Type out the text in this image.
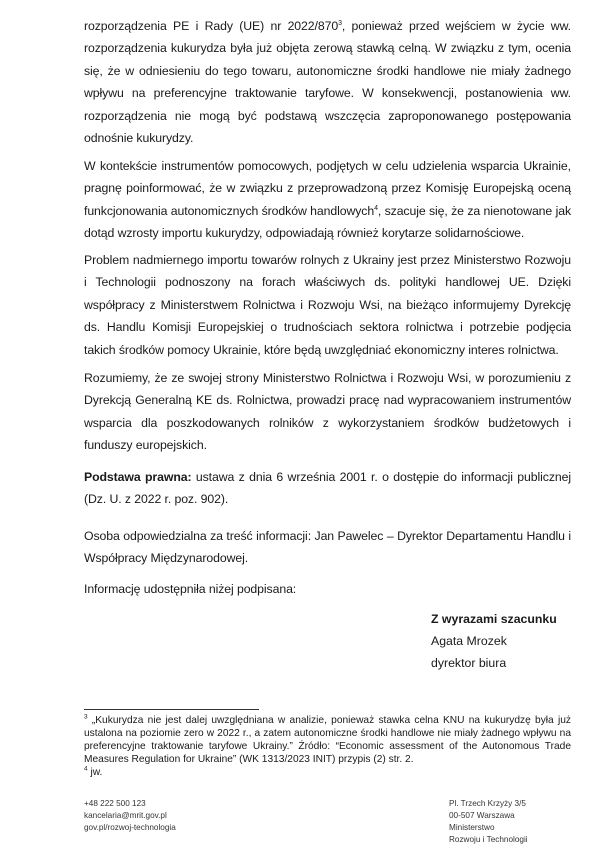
rozporządzenia PE i Rady (UE) nr $2022/870^3$, ponieważ przed wejściem w życie ww. rozporządzenia kukurydza była już objęta zerową stawką celną. W związku z tym, ocenia się, że w odniesieniu do tego towaru, autonomiczne środki handlowe nie miały żadnego wpływu na preferencyjne traktowanie taryfowe. W konsekwencji, postanowienia ww. rozporządzenia nie mogą być podstawą wszczęcia zaproponowanego postępowania odnośnie kukurydzy.

W kontekście instrumentów pomocowych, podjętych w celu udzielenia wsparcia Ukrainie, pragnę poinformować, że w związku z przeprowadzoną przez Komisję Europejską oceną funkcjonowania autonomicznych środków handlowych$^4$, szacuje się, że za nienotowane jak dotąd wzrosty importu kukurydzy, odpowiadają również korytarze solidarnościowe.

Problem nadmiernego importu towarów rolnych z Ukrainy jest przez Ministerstwo Rozwoju i Technologii podnoszony na forach właściwych ds. polityki handlowej UE. Dzięki współpracy z Ministerstwem Rolnictwa i Rozwoju Wsi, na bieżąco informujemy Dyrekcję ds. Handlu Komisji Europejskiej o trudnościach sektora rolnictwa i potrzebie podjęcia takich środków pomocy Ukrainie, które będą uwzględniać ekonomiczny interes rolnictwa.

Rozumiemy, że ze swojej strony Ministerstwo Rolnictwa i Rozwoju Wsi, w porozumieniu z Dyrekcją Generalną KE ds. Rolnictwa, prowadzi pracę nad wypracowaniem instrumentów wsparcia dla poszkodowanych rolników z wykorzystaniem środków budżetowych i funduszy europejskich.

Podstawa prawna: ustawa z dnia 6 września 2001 r. o dostępie do informacji publicznej (Dz. U. z 2022 r. poz. 902).

Osoba odpowiedzialna za treść informacji: Jan Pawelec – Dyrektor Departamentu Handlu i Współpracy Międzynarodowej.

Informację udostępniła niżej podpisana:

Z wyrazami szacunku

Agata Mrozek

dyrektor biura

$^3$ „Kukurydza nie jest dalej uwzględniana w analizie, ponieważ stawka celna KNU na kukurydzę była już ustalona na poziomie zero w 2022 r., a zatem autonomiczne środki handlowe nie miały żadnego wpływu na preferencyjne traktowanie taryfowe Ukrainy.” Źródło: “Economic assessment of the Autonomous Trade Measures Regulation for Ukraine” (WK 1313/2023 INIT) przypis (2) str. 2.

$^4$ jw.

+48 222 500 123
kancelaria@mrit.gov.pl
gov.pl/rozwoj-technologia
Pl. Trzech Krzyży 3/5
00-507 Warszawa
Ministerstwo
Rozwoju i Technologii
